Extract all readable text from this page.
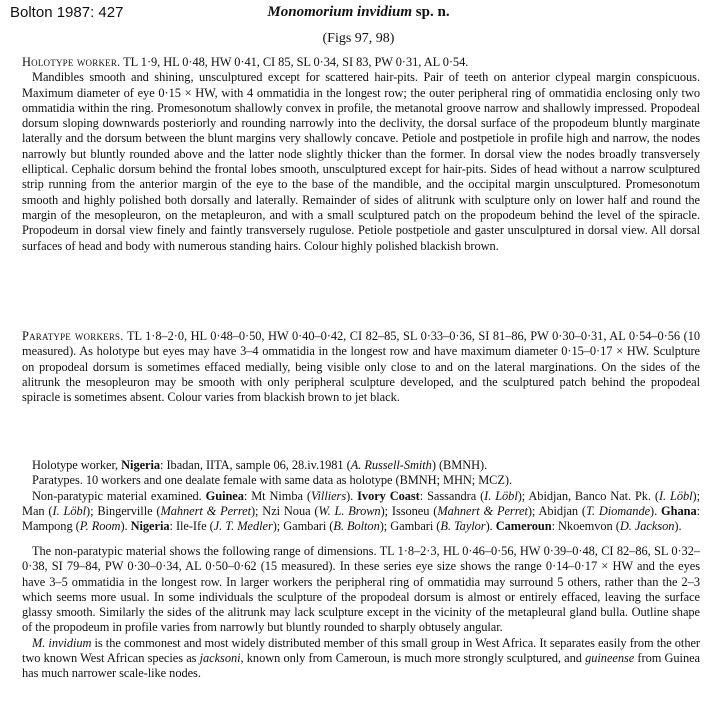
Bolton 1987: 427	Monomorium invidium sp. n.
(Figs 97, 98)

Holotype worker. TL 1·9, HL 0·48, HW 0·41, CI 85, SL 0·34, SI 83, PW 0·31, AL 0·54.

Mandibles smooth and shining, unsculptured except for scattered hair-pits. Pair of teeth on anterior clypeal margin conspicuous. Maximum diameter of eye 0·15 × HW, with 4 ommatidia in the longest row; the outer peripheral ring of ommatidia enclosing only two ommatidia within the ring. Promesonotum shallowly convex in profile, the metanotal groove narrow and shallowly impressed. Propodeal dorsum sloping downwards posteriorly and rounding narrowly into the declivity, the dorsal surface of the propodeum bluntly marginate laterally and the dorsum between the blunt margins very shallowly concave. Petiole and postpetiole in profile high and narrow, the nodes narrowly but bluntly rounded above and the latter node slightly thicker than the former. In dorsal view the nodes broadly transversely elliptical. Cephalic dorsum behind the frontal lobes smooth, unsculptured except for hair-pits. Sides of head without a narrow sculptured strip running from the anterior margin of the eye to the base of the mandible, and the occipital margin unsculptured. Promesonotum smooth and highly polished both dorsally and laterally. Remainder of sides of alitrunk with sculpture only on lower half and round the margin of the mesopleuron, on the metapleuron, and with a small sculptured patch on the propodeum behind the level of the spiracle. Propodeum in dorsal view finely and faintly transversely rugulose. Petiole postpetiole and gaster unsculptured in dorsal view. All dorsal surfaces of head and body with numerous standing hairs. Colour highly polished blackish brown.

Paratype workers. TL 1·8–2·0, HL 0·48–0·50, HW 0·40–0·42, CI 82–85, SL 0·33–0·36, SI 81–86, PW 0·30–0·31, AL 0·54–0·56 (10 measured). As holotype but eyes may have 3–4 ommatidia in the longest row and have maximum diameter 0·15–0·17 × HW. Sculpture on propodeal dorsum is sometimes effaced medially, being visible only close to and on the lateral marginations. On the sides of the alitrunk the mesopleuron may be smooth with only peripheral sculpture developed, and the sculptured patch behind the propodeal spiracle is sometimes absent. Colour varies from blackish brown to jet black.

Holotype worker, Nigeria: Ibadan, IITA, sample 06, 28.iv.1981 (A. Russell-Smith) (BMNH).

Paratypes. 10 workers and one dealate female with same data as holotype (BMNH; MHN; MCZ).

Non-paratypic material examined. Guinea: Mt Nimba (Villiers). Ivory Coast: Sassandra (I. Löbl); Abidjan, Banco Nat. Pk. (I. Löbl); Man (I. Löbl); Bingerville (Mahnert & Perret); Nzi Noua (W. L. Brown); Issoneu (Mahnert & Perret); Abidjan (T. Diomande). Ghana: Mampong (P. Room). Nigeria: Ile-Ife (J. T. Medler); Gambari (B. Bolton); Gambari (B. Taylor). Cameroun: Nkoemvon (D. Jackson).

The non-paratypic material shows the following range of dimensions. TL 1·8–2·3, HL 0·46–0·56, HW 0·39–0·48, CI 82–86, SL 0·32–0·38, SI 79–84, PW 0·30–0·34, AL 0·50–0·62 (15 measured). In these series eye size shows the range 0·14–0·17 × HW and the eyes have 3–5 ommatidia in the longest row. In larger workers the peripheral ring of ommatidia may surround 5 others, rather than the 2–3 which seems more usual. In some individuals the sculpture of the propodeal dorsum is almost or entirely effaced, leaving the surface glassy smooth. Similarly the sides of the alitrunk may lack sculpture except in the vicinity of the metapleural gland bulla. Outline shape of the propodeum in profile varies from narrowly but bluntly rounded to sharply obtusely angular.

M. invidium is the commonest and most widely distributed member of this small group in West Africa. It separates easily from the other two known West African species as jacksoni, known only from Cameroun, is much more strongly sculptured, and guineense from Guinea has much narrower scale-like nodes.
